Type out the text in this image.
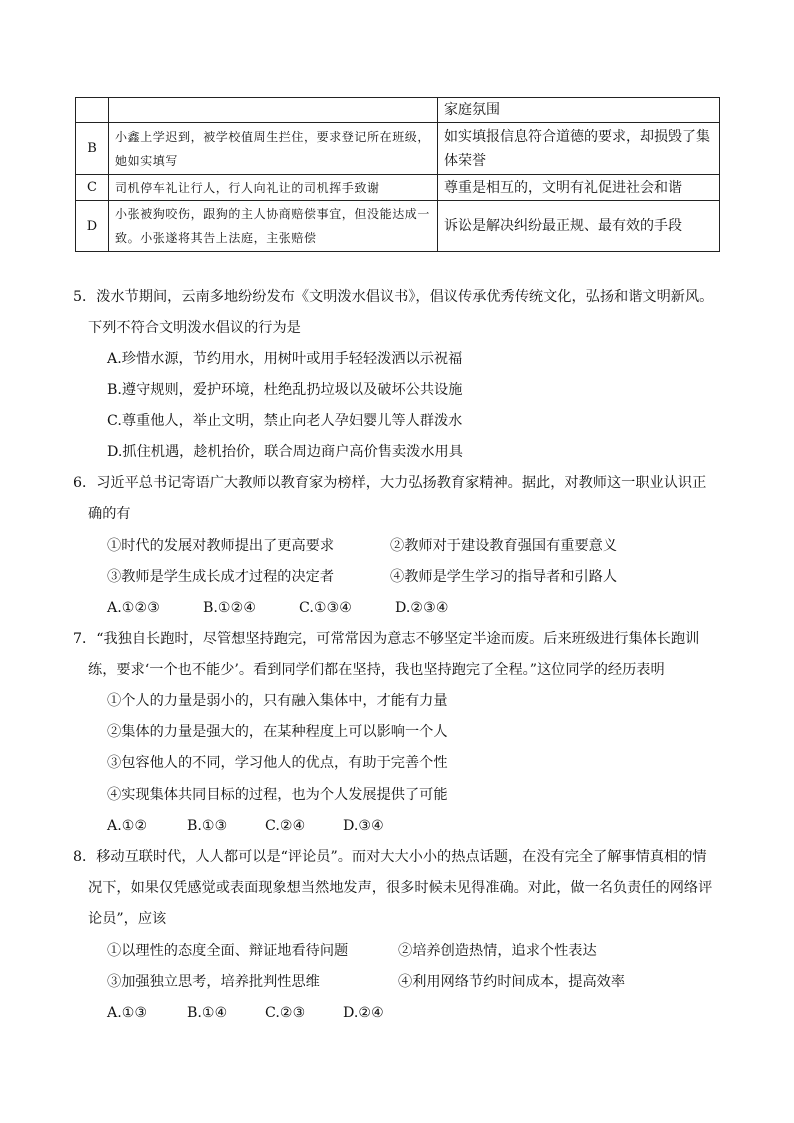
		家庭氛围
B	小鑫上学迟到，被学校值周生拦住，要求登记所在班级，她如实填写	如实填报信息符合道德的要求，却损毁了集体荣誉
C	司机停车礼让行人，行人向礼让的司机挥手致谢	尊重是相互的，文明有礼促进社会和谐
D	小张被狗咬伤，跟狗的主人协商赔偿事宜，但没能达成一致。小张遂将其告上法庭，主张赔偿	诉讼是解决纠纷最正规、最有效的手段
5．泼水节期间，云南多地纷纷发布《文明泼水倡议书》，倡议传承优秀传统文化，弘扬和谐文明新风。
下列不符合文明泼水倡议的行为是
A.珍惜水源，节约用水，用树叶或用手轻轻泼洒以示祝福
B.遵守规则，爱护环境，杜绝乱扔垃圾以及破坏公共设施
C.尊重他人，举止文明，禁止向老人孕妇婴儿等人群泼水
D.抓住机遇，趁机抬价，联合周边商户高价售卖泼水用具
6．习近平总书记寄语广大教师以教育家为榜样，大力弘扬教育家精神。据此，对教师这一职业认识正
确的有
①时代的发展对教师提出了更高要求	②教师对于建设教育强国有重要意义
③教师是学生成长成才过程的决定者	④教师是学生学习的指导者和引路人
A.①②③	B.①②④	C.①③④	D.②③④
7．“我独自长跑时，尽管想坚持跑完，可常常因为意志不够坚定半途而废。后来班级进行集体长跑训
练，要求‘一个也不能少’。看到同学们都在坚持，我也坚持跑完了全程。”这位同学的经历表明
①个人的力量是弱小的，只有融入集体中，才能有力量
②集体的力量是强大的，在某种程度上可以影响一个人
③包容他人的不同，学习他人的优点，有助于完善个性
④实现集体共同目标的过程，也为个人发展提供了可能
A.①②	B.①③	C.②④	D.③④
8．移动互联时代，人人都可以是“评论员”。而对大大小小的热点话题，在没有完全了解事情真相的情
况下，如果仅凭感觉或表面现象想当然地发声，很多时候未见得准确。对此，做一名负责任的网络评
论员”，应该
①以理性的态度全面、辩证地看待问题	②培养创造热情，追求个性表达
③加强独立思考，培养批判性思维	④利用网络节约时间成本，提高效率
A.①③	B.①④	C.②③	D.②④
